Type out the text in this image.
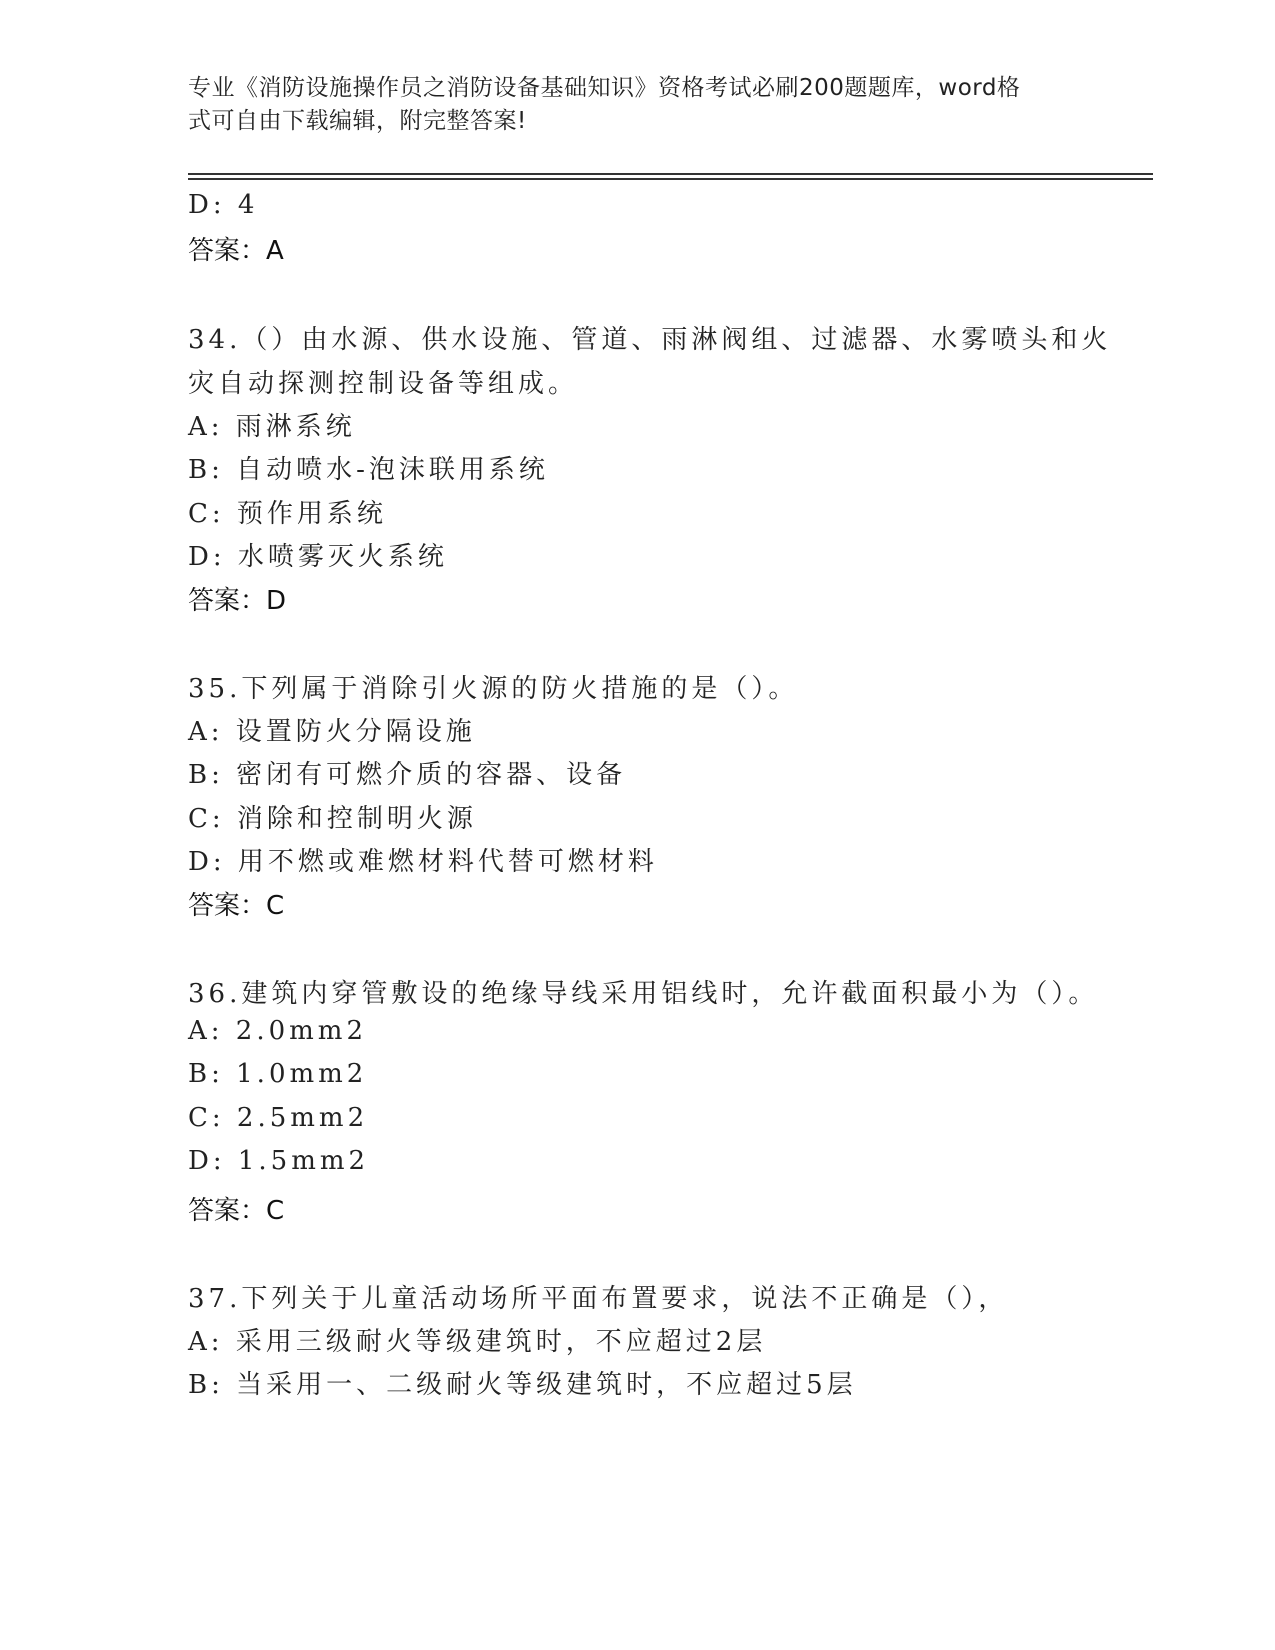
专业《消防设施操作员之消防设备基础知识》资格考试必刷200题题库，word格
式可自由下载编辑，附完整答案!
D: 4
答案：A
34.（）由水源、供水设施、管道、雨淋阀组、过滤器、水雾喷头和火
灾自动探测控制设备等组成。
A: 雨淋系统
B: 自动喷水-泡沫联用系统
C: 预作用系统
D: 水喷雾灭火系统
答案：D
35.下列属于消除引火源的防火措施的是（）。
A: 设置防火分隔设施
B: 密闭有可燃介质的容器、设备
C: 消除和控制明火源
D: 用不燃或难燃材料代替可燃材料
答案：C
36.建筑内穿管敷设的绝缘导线采用铝线时，允许截面积最小为（）。
A: 2.0mm2
B: 1.0mm2
C: 2.5mm2
D: 1.5mm2
答案：C
37.下列关于儿童活动场所平面布置要求，说法不正确是（），
A: 采用三级耐火等级建筑时，不应超过2层
B: 当采用一、二级耐火等级建筑时，不应超过5层
